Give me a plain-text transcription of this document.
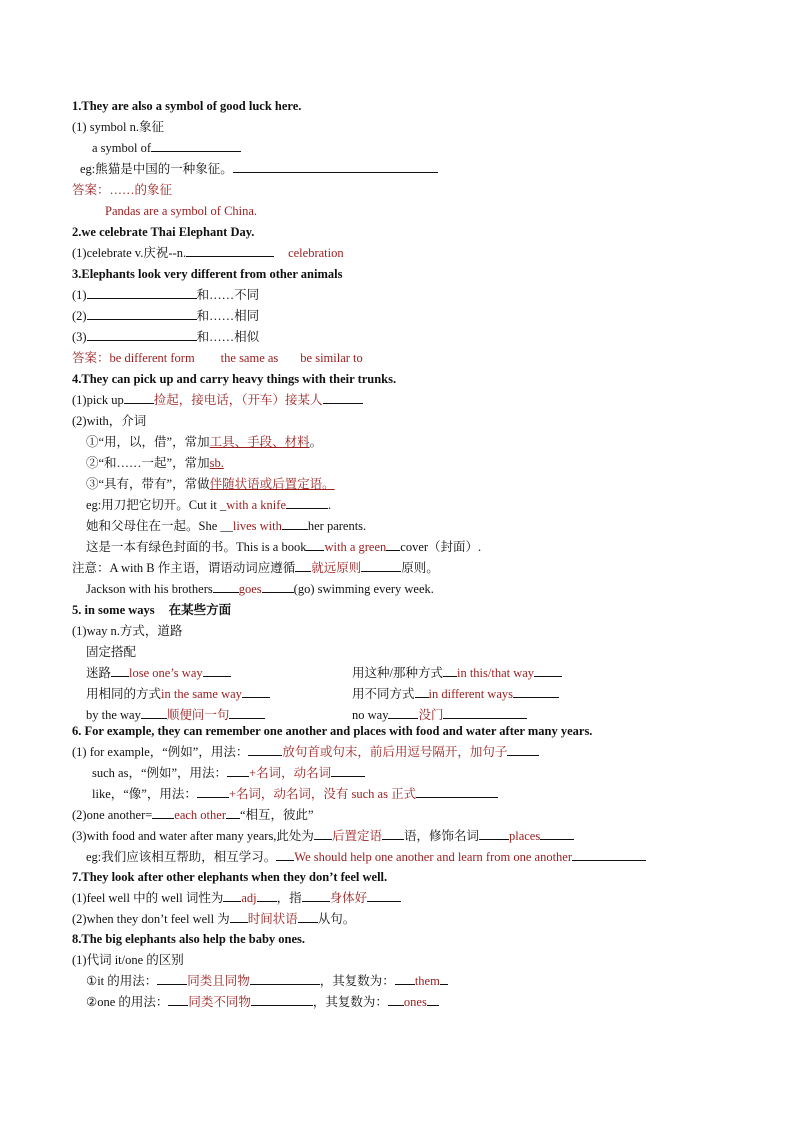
1.They are also a symbol of good luck here.
(1) symbol n.象征
a symbol of
eg:熊猫是中国的一种象征。
答案：……的象征
Pandas are a symbol of China.
2.we celebrate Thai Elephant Day.
(1)celebrate v.庆祝--n.	celebration
3.Elephants look very different from other animals
(1)	和……不同
(2)	和……相同
(3)	和……相似
答案：be different form the same as be similar to
4.They can pick up and carry heavy things with their trunks.
(1)pick up 捡起，接电话，（开车）接某人
(2)with，介词
①“用，以，借”，常加工具、手段、材料。
②“和……一起”，常加sb.
③“具有，带有”，常做伴随状语或后置定语。
eg:用刀把它切开。Cut it _with a knife	.
她和父母住在一起。She __lives with her parents.
这是一本有绿色封面的书。This is a book with a green cover（封面）.
注意：A with B 作主语，谓语动词应遵循 就远原则	原则。
Jackson with his brothers goes	(go) swimming every week.
5. in some ways 在某些方面
(1)way n.方式，道路
固定搭配
迷路 lose one’s way	用这种/那种方式 in this/that way
用相同的方式in the same way	用不同方式 in different ways
by the way 顺便问一句	no way 没门
6. For example, they can remember one another and places with food and water after many years.
(1) for example，“例如”，用法：	放句首或句末，前后用逗号隔开，加句子
such as，“例如”，用法： +名词，动名词
like，“像”，用法：	+名词，动名词，没有 such as 正式
(2)one another= each other “相互，彼此”
(3)with food and water after many years,此处为 后置定语 语，修饰名词 places
eg:我们应该相互帮助，相互学习。 We should help one another and learn from one another
7.They look after other elephants when they don’t feel well.
(1)feel well 中的 well 词性为 adj ，指 身体好
(2)when they don’t feel well 为 时间状语 从句。
8.The big elephants also help the baby ones.
(1)代词 it/one 的区别
①it 的用法： 同类且同物	，其复数为： them
②one 的用法： 同类不同物	，其复数为： ones
